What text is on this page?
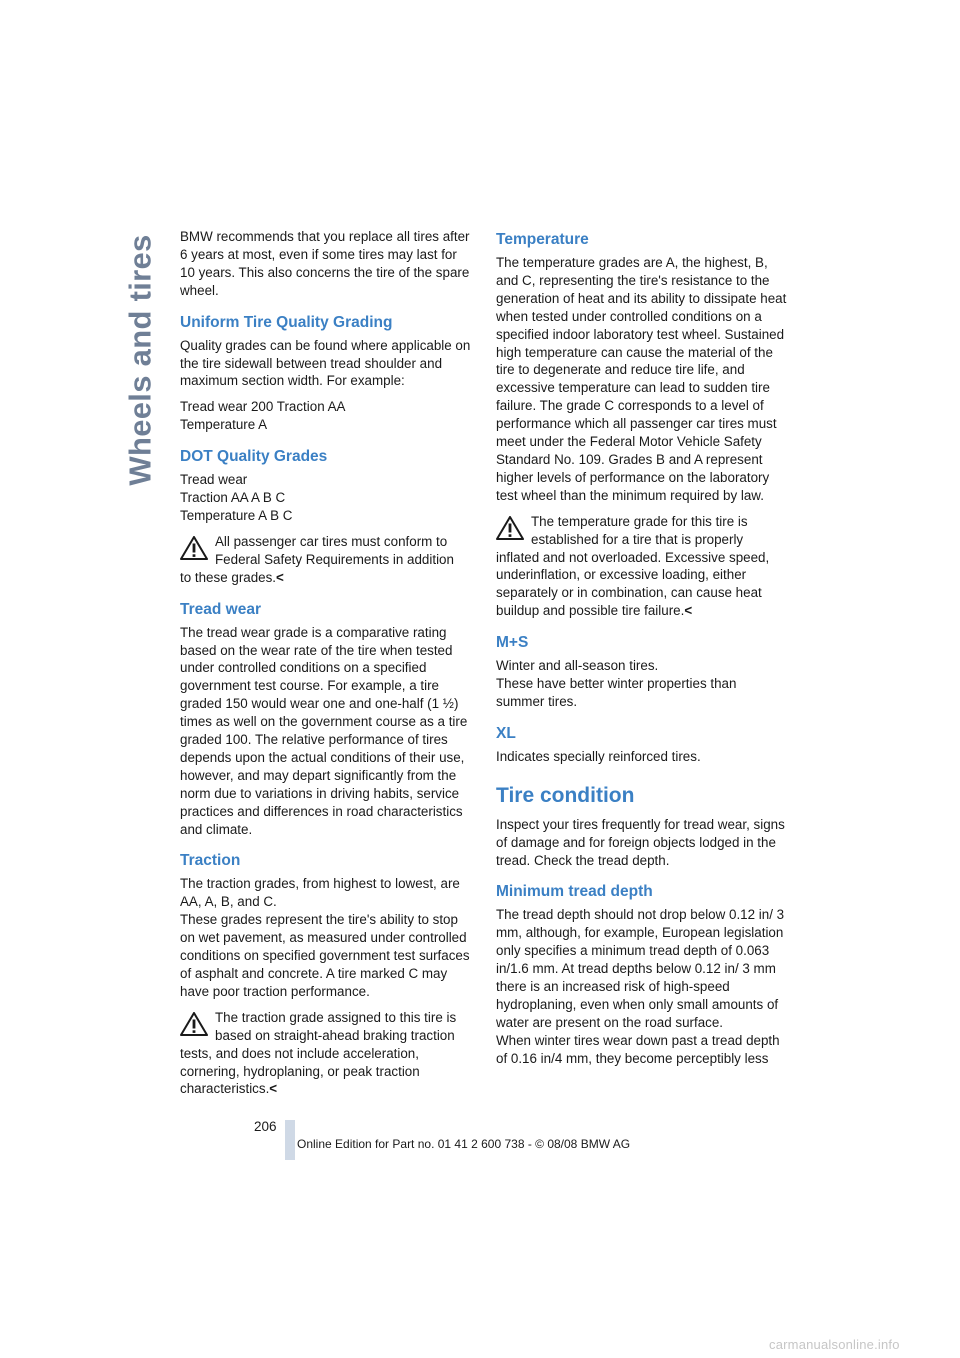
Wheels and tires BMW recommends that you replace all tires after 6 years at most, even if some tires may last for 10 years. This also concerns the tire of the spare wheel.

Uniform Tire Quality Grading

Quality grades can be found where applicable on the tire sidewall between tread shoulder and maximum section width. For example:

Tread wear 200 Traction AA
Temperature A

DOT Quality Grades

Tread wear
Traction AA A B C
Temperature A B C

All passenger car tires must conform to Federal Safety Requirements in addition

to these grades.<

Tread wear

The tread wear grade is a comparative rating based on the wear rate of the tire when tested under controlled conditions on a specified government test course. For example, a tire graded 150 would wear one and one-half (1 ½) times as well on the government course as a tire graded 100. The relative performance of tires depends upon the actual conditions of their use, however, and may depart significantly from the norm due to variations in driving habits, service practices and differences in road characteristics and climate.

Traction

The traction grades, from highest to lowest, are AA, A, B, and C.

These grades represent the tire's ability to stop on wet pavement, as measured under controlled conditions on specified government test surfaces of asphalt and concrete. A tire marked C may have poor traction performance.

The traction grade assigned to this tire is based on straight-ahead braking traction

tests, and does not include acceleration, cornering, hydroplaning, or peak traction characteristics.<

Temperature

The temperature grades are A, the highest, B, and C, representing the tire's resistance to the generation of heat and its ability to dissipate heat when tested under controlled conditions on a specified indoor laboratory test wheel. Sustained high temperature can cause the material of the tire to degenerate and reduce tire life, and excessive temperature can lead to sudden tire failure. The grade C corresponds to a level of performance which all passenger car tires must meet under the Federal Motor Vehicle Safety Standard No. 109. Grades B and A represent higher levels of performance on the laboratory test wheel than the minimum required by law.

The temperature grade for this tire is established for a tire that is properly

inflated and not overloaded. Excessive speed, underinflation, or excessive loading, either separately or in combination, can cause heat buildup and possible tire failure.<

M+S

Winter and all-season tires.
These have better winter properties than summer tires.

XL

Indicates specially reinforced tires.

Tire condition

Inspect your tires frequently for tread wear, signs of damage and for foreign objects lodged in the tread. Check the tread depth.

Minimum tread depth

The tread depth should not drop below 0.12 in/ 3 mm, although, for example, European legislation only specifies a minimum tread depth of 0.063 in/1.6 mm. At tread depths below 0.12 in/ 3 mm there is an increased risk of high-speed hydroplaning, even when only small amounts of water are present on the road surface.

When winter tires wear down past a tread depth of 0.16 in/4 mm, they become perceptibly less

206
Online Edition for Part no. 01 41 2 600 738 - © 08/08 BMW AG
carmanualsonline.info
